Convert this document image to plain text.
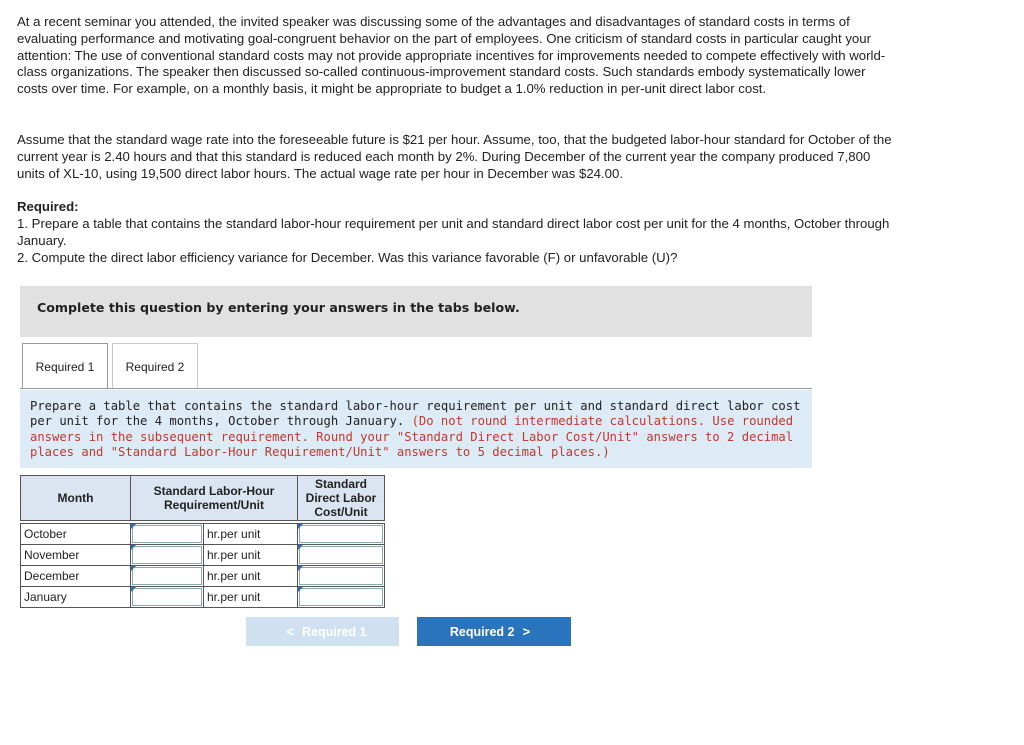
At a recent seminar you attended, the invited speaker was discussing some of the advantages and disadvantages of standard costs in terms of evaluating performance and motivating goal-congruent behavior on the part of employees. One criticism of standard costs in particular caught your attention: The use of conventional standard costs may not provide appropriate incentives for improvements needed to compete effectively with world-class organizations. The speaker then discussed so-called continuous-improvement standard costs. Such standards embody systematically lower costs over time. For example, on a monthly basis, it might be appropriate to budget a 1.0% reduction in per-unit direct labor cost.

Assume that the standard wage rate into the foreseeable future is $21 per hour. Assume, too, that the budgeted labor-hour standard for October of the current year is 2.40 hours and that this standard is reduced each month by 2%. During December of the current year the company produced 7,800 units of XL-10, using 19,500 direct labor hours. The actual wage rate per hour in December was $24.00.

Required:

1. Prepare a table that contains the standard labor-hour requirement per unit and standard direct labor cost per unit for the 4 months, October through January.

2. Compute the direct labor efficiency variance for December. Was this variance favorable (F) or unfavorable (U)?

Complete this question by entering your answers in the tabs below.
Required 1	Required 2

Prepare a table that contains the standard labor-hour requirement per unit and standard direct labor cost per unit for the 4 months, October through January. (Do not round intermediate calculations. Use rounded answers in the subsequent requirement. Round your "Standard Direct Labor Cost/Unit" answers to 2 decimal places and "Standard Labor-Hour Requirement/Unit" answers to 5 decimal places.)

Month	Standard Labor-Hour Requirement/Unit		Standard Direct Labor Cost/Unit

October		hr.per unit	

November		hr.per unit	

December		hr.per unit	

January		hr.per unit	
< Required 1	Required 2 >
